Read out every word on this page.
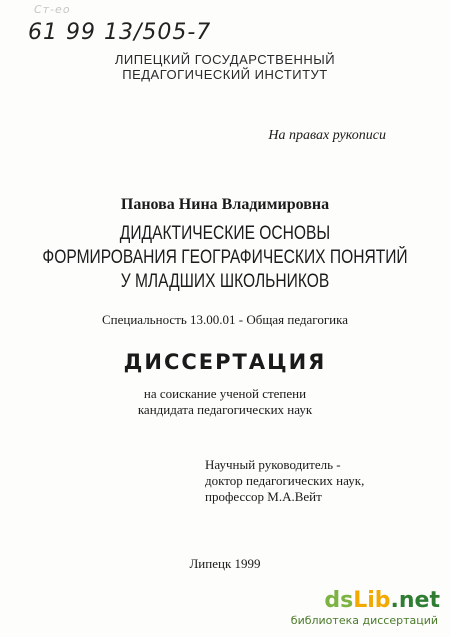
Ст-ео
61 99 13/505-7
ЛИПЕЦКИЙ ГОСУДАРСТВЕННЫЙ
ПЕДАГОГИЧЕСКИЙ ИНСТИТУТ
На правах рукописи
Панова Нина Владимировна
ДИДАКТИЧЕСКИЕ ОСНОВЫ
ФОРМИРОВАНИЯ ГЕОГРАФИЧЕСКИХ ПОНЯТИЙ
У МЛАДШИХ ШКОЛЬНИКОВ
Специальность 13.00.01 - Общая педагогика
ДИССЕРТАЦИЯ
на соискание ученой степени
кандидата педагогических наук
Научный руководитель -
доктор педагогических наук,
профессор М.А.Вейт
Липецк 1999
dsLib.net
библиотека диссертаций
